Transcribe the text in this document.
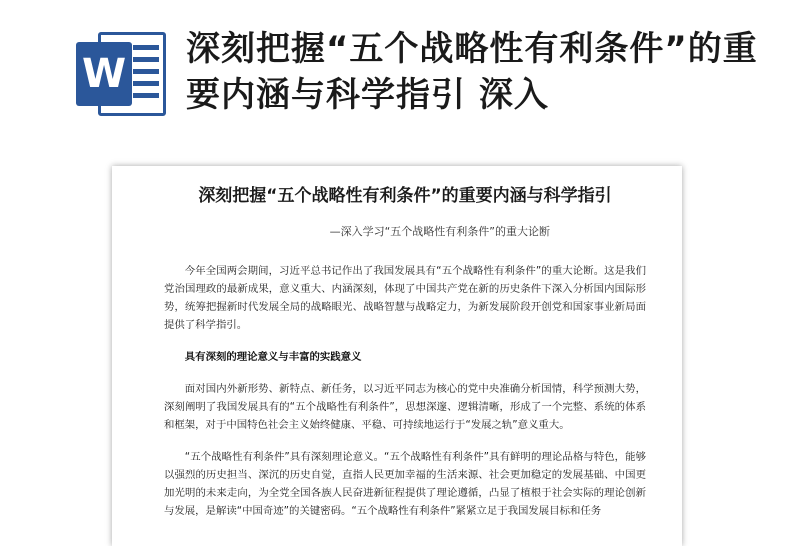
W
深刻把握“五个战略性有利条件”的重要内涵与科学指引 深入
深刻把握“五个战略性有利条件”的重要内涵与科学指引

—深入学习“五个战略性有利条件”的重大论断

今年全国两会期间，习近平总书记作出了我国发展具有“五个战略性有利条件”的重大论断。这是我们党治国理政的最新成果，意义重大、内涵深刻，体现了中国共产党在新的历史条件下深入分析国内国际形势，统筹把握新时代发展全局的战略眼光、战略智慧与战略定力，为新发展阶段开创党和国家事业新局面提供了科学指引。

具有深刻的理论意义与丰富的实践意义

面对国内外新形势、新特点、新任务，以习近平同志为核心的党中央准确分析国情，科学预测大势，深刻阐明了我国发展具有的“五个战略性有利条件”，思想深邃、逻辑清晰，形成了一个完整、系统的体系和框架，对于中国特色社会主义始终健康、平稳、可持续地运行于“发展之轨”意义重大。

“五个战略性有利条件”具有深刻理论意义。“五个战略性有利条件”具有鲜明的理论品格与特色，能够以强烈的历史担当、深沉的历史自觉，直指人民更加幸福的生活来源、社会更加稳定的发展基础、中国更加光明的未来走向，为全党全国各族人民奋进新征程提供了理论遵循，凸显了植根于社会实际的理论创新与发展，是解读“中国奇迹”的关键密码。“五个战略性有利条件”紧紧立足于我国发展目标和任务
